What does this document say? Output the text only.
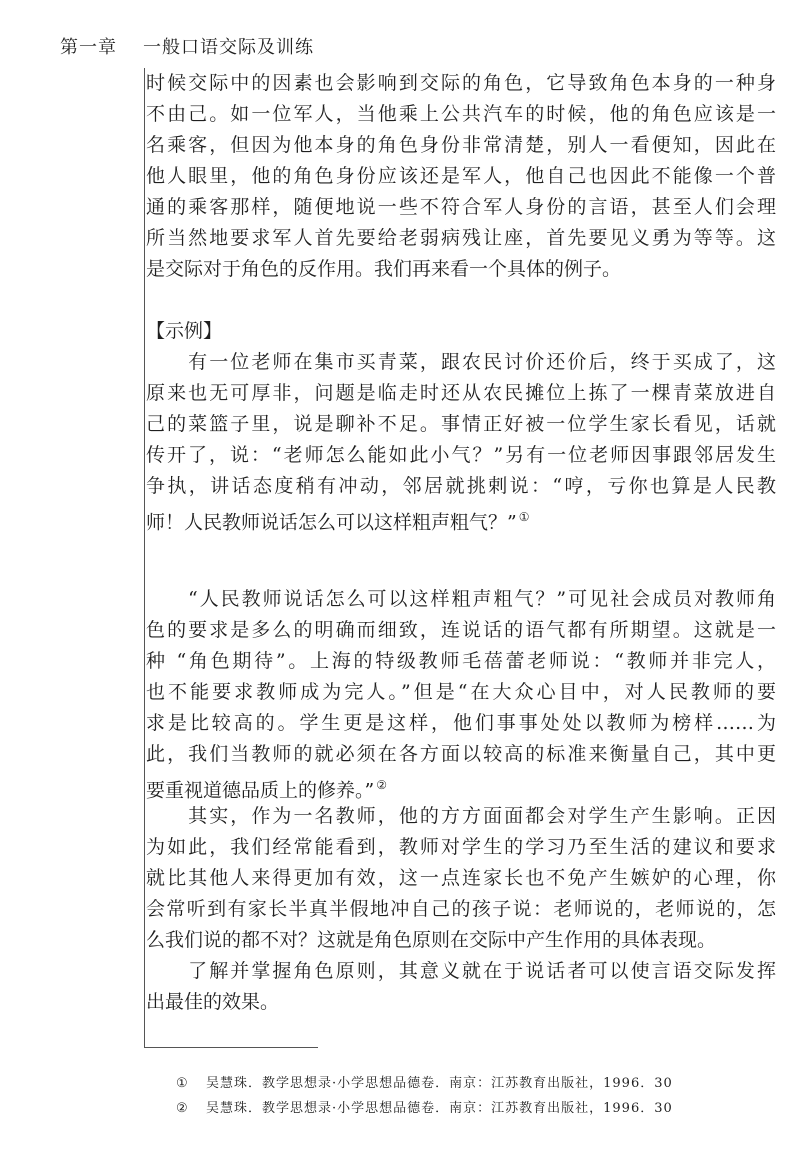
第一章 一般口语交际及训练
时候交际中的因素也会影响到交际的角色，它导致角色本身的一种身
不由己。如一位军人，当他乘上公共汽车的时候，他的角色应该是一
名乘客，但因为他本身的角色身份非常清楚，别人一看便知，因此在
他人眼里，他的角色身份应该还是军人，他自己也因此不能像一个普
通的乘客那样，随便地说一些不符合军人身份的言语，甚至人们会理
所当然地要求军人首先要给老弱病残让座，首先要见义勇为等等。这
是交际对于角色的反作用。我们再来看一个具体的例子。
【示例】
　　有一位老师在集市买青菜，跟农民讨价还价后，终于买成了，这
原来也无可厚非，问题是临走时还从农民摊位上拣了一棵青菜放进自
己的菜篮子里，说是聊补不足。事情正好被一位学生家长看见，话就
传开了，说：“老师怎么能如此小气？”另有一位老师因事跟邻居发生
争执，讲话态度稍有冲动，邻居就挑剌说：“哼，亏你也算是人民教
师！人民教师说话怎么可以这样粗声粗气？” ①
　　“人民教师说话怎么可以这样粗声粗气？”可见社会成员对教师角
色的要求是多么的明确而细致，连说话的语气都有所期望。这就是一
种 “角色期待”。上海的特级教师毛蓓蕾老师说：“教师并非完人，
也不能要求教师成为完人。”但是“在大众心目中，对人民教师的要
求是比较高的。学生更是这样，他们事事处处以教师为榜样……为
此，我们当教师的就必须在各方面以较高的标准来衡量自己，其中更
要重视道德品质上的修养。” ②
　　其实，作为一名教师，他的方方面面都会对学生产生影响。正因
为如此，我们经常能看到，教师对学生的学习乃至生活的建议和要求
就比其他人来得更加有效，这一点连家长也不免产生嫉妒的心理，你
会常听到有家长半真半假地冲自己的孩子说：老师说的，老师说的，怎
么我们说的都不对？这就是角色原则在交际中产生作用的具体表现。
　　了解并掌握角色原则，其意义就在于说话者可以使言语交际发挥
出最佳的效果。
① 吴慧珠．教学思想录·小学思想品德卷．南京：江苏教育出版社，1996．30
② 吴慧珠．教学思想录·小学思想品德卷．南京：江苏教育出版社，1996．30
